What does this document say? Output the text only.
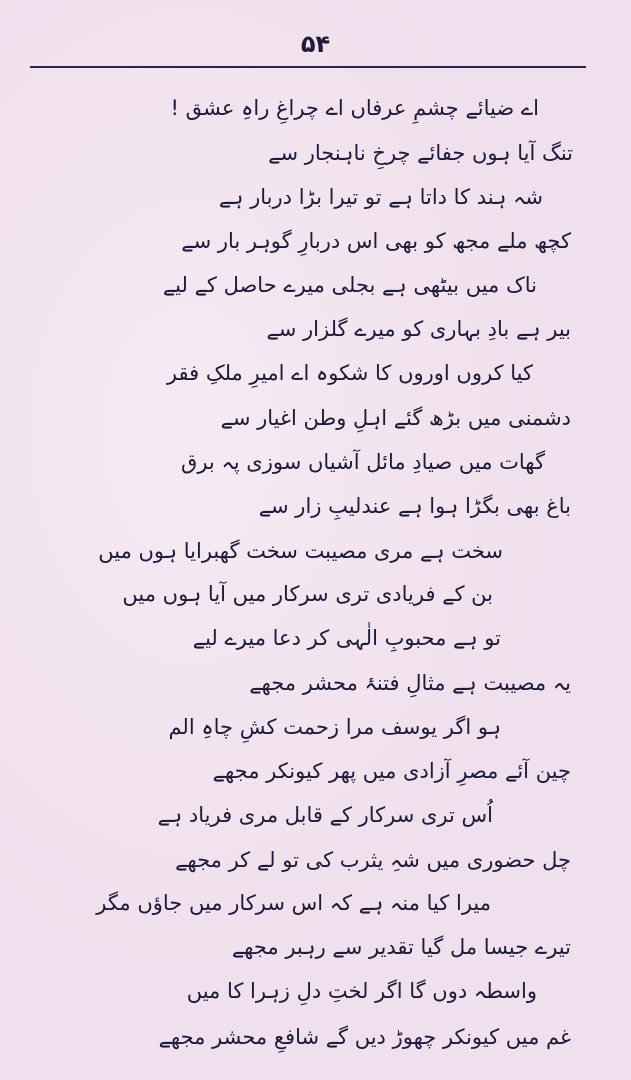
۵۴
اے ضیائے چشمِ عرفاں اے چراغِ راہِ عشق !
تنگ آیا ہوں جفائے چرخِ ناہنجار سے
شہ ہند کا داتا ہے تو تیرا بڑا دربار ہے
کچھ ملے مجھ کو بھی اس دربارِ گوہر بار سے
ناک میں بیٹھی ہے بجلی میرے حاصل کے لیے
بیر ہے بادِ بہاری کو میرے گلزار سے
کیا کروں اوروں کا شکوہ اے امیرِ ملکِ فقر
دشمنی میں بڑھ گئے اہلِ وطن اغیار سے
گھات میں صیادِ مائل آشیاں سوزی پہ برق
باغ بھی بگڑا ہوا ہے عندلیبِ زار سے
سخت ہے مری مصیبت سخت گھبرایا ہوں میں
بن کے فریادی تری سرکار میں آیا ہوں میں
تو ہے محبوبِ الٰہی کر دعا میرے لیے
یہ مصیبت ہے مثالِ فتنۂ محشر مجھے
ہو اگر یوسف مرا زحمت کشِ چاہِ الم
چین آئے مصرِ آزادی میں پھر کیونکر مجھے
اُس تری سرکار کے قابل مری فریاد ہے
چل حضوری میں شہِ یثرب کی تو لے کر مجھے
میرا کیا منہ ہے کہ اس سرکار میں جاؤں مگر
تیرے جیسا مل گیا تقدیر سے رہبر مجھے
واسطہ دوں گا اگر لختِ دلِ زہرا کا میں
غم میں کیونکر چھوڑ دیں گے شافعِ محشر مجھے
